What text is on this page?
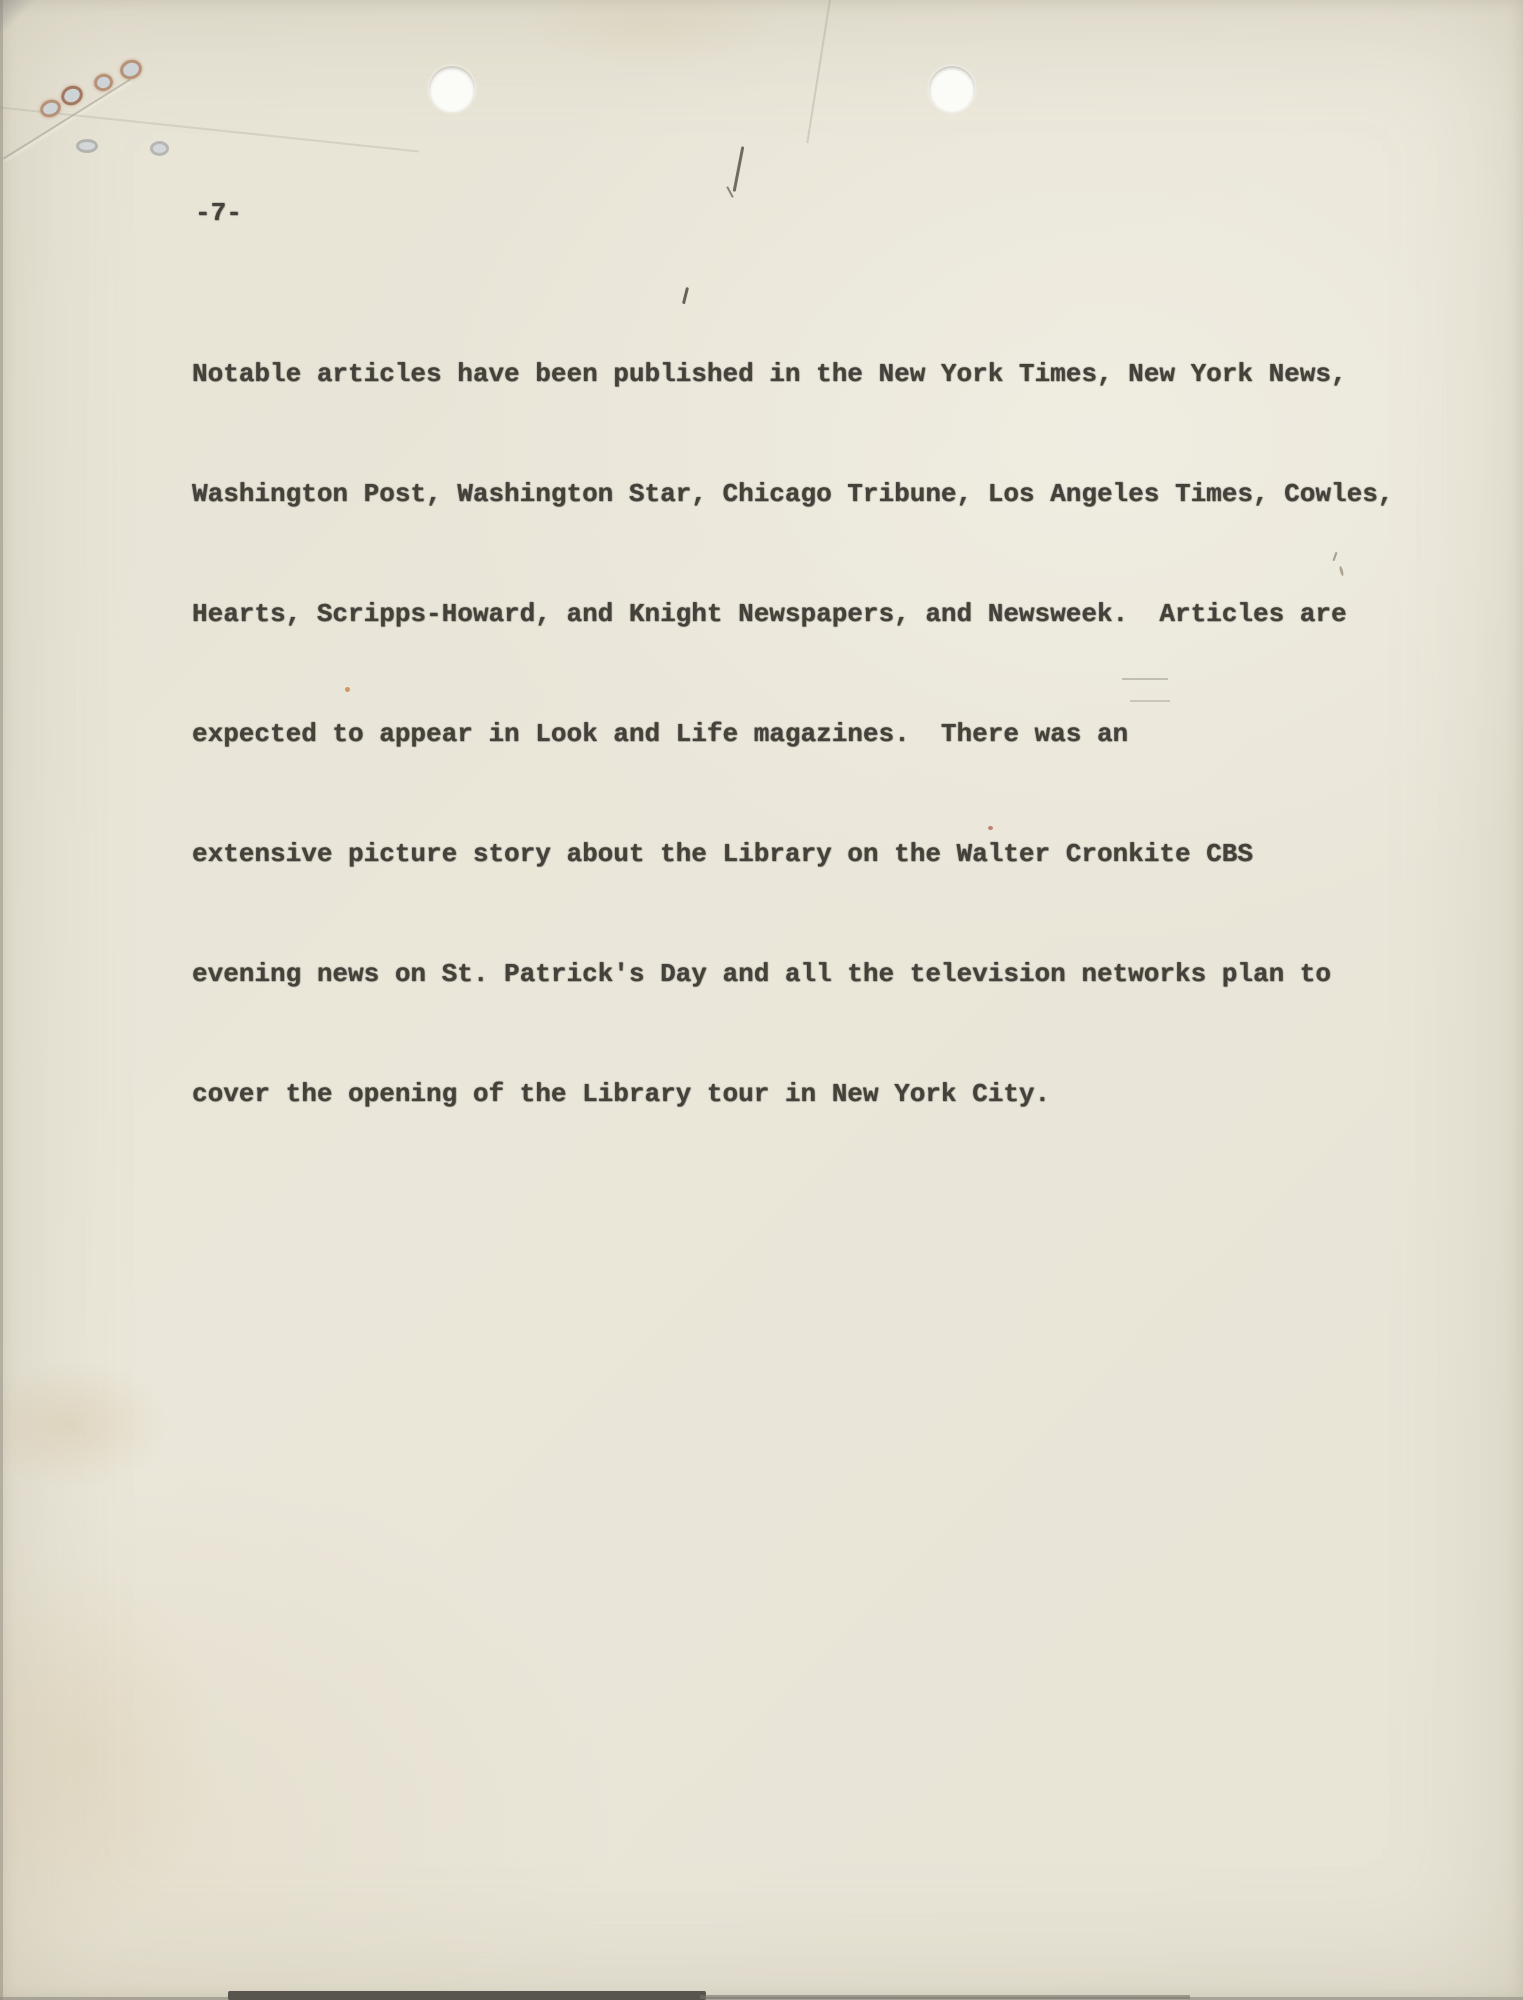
-7-

Notable articles have been published in the New York Times, New York News,

Washington Post, Washington Star, Chicago Tribune, Los Angeles Times, Cowles,

Hearts, Scripps-Howard, and Knight Newspapers, and Newsweek.  Articles are

expected to appear in Look and Life magazines.  There was an

extensive picture story about the Library on the Walter Cronkite CBS

evening news on St. Patrick's Day and all the television networks plan to

cover the opening of the Library tour in New York City.
